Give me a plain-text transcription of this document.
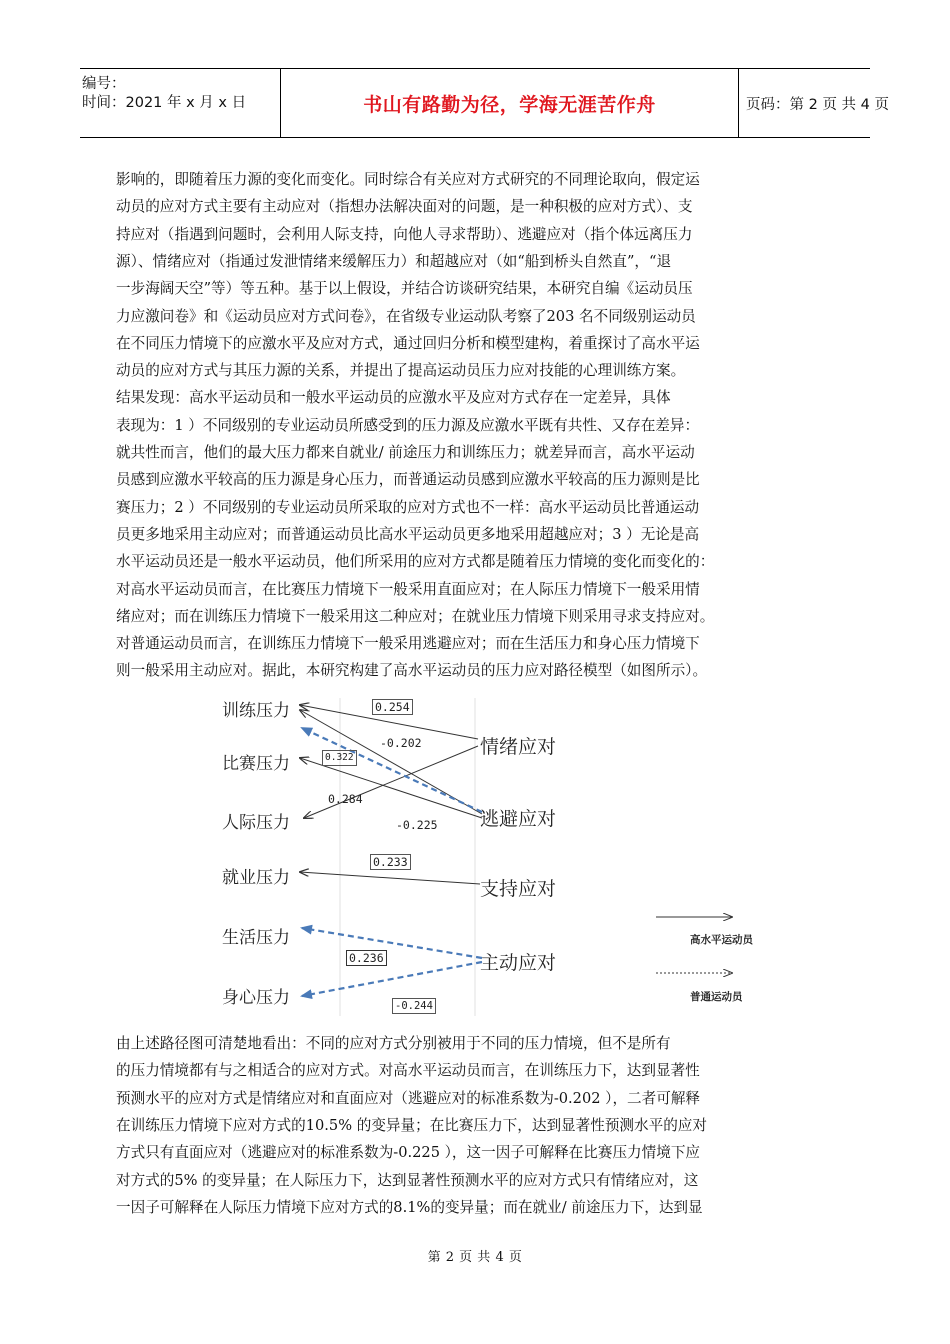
编号：
时间：2021 年 x 月 x 日	书山有路勤为径，学海无涯苦作舟	页码：第 2 页 共 4 页
影响的，即随着压力源的变化而变化。同时综合有关应对方式研究的不同理论取向，假定运
动员的应对方式主要有主动应对（指想办法解决面对的问题，是一种积极的应对方式）、支
持应对（指遇到问题时，会利用人际支持，向他人寻求帮助）、逃避应对（指个体远离压力
源）、情绪应对（指通过发泄情绪来缓解压力）和超越应对（如“船到桥头自然直”，“退
一步海阔天空”等）等五种。基于以上假设，并结合访谈研究结果，本研究自编《运动员压
力应激问卷》和《运动员应对方式问卷》，在省级专业运动队考察了203 名不同级别运动员
在不同压力情境下的应激水平及应对方式，通过回归分析和模型建构，着重探讨了高水平运
动员的应对方式与其压力源的关系，并提出了提高运动员压力应对技能的心理训练方案。
结果发现：高水平运动员和一般水平运动员的应激水平及应对方式存在一定差异，具体
表现为：1 ）不同级别的专业运动员所感受到的压力源及应激水平既有共性、又存在差异：
就共性而言，他们的最大压力都来自就业/ 前途压力和训练压力；就差异而言，高水平运动
员感到应激水平较高的压力源是身心压力，而普通运动员感到应激水平较高的压力源则是比
赛压力；2 ）不同级别的专业运动员所采取的应对方式也不一样：高水平运动员比普通运动
员更多地采用主动应对；而普通运动员比高水平运动员更多地采用超越应对；3 ）无论是高
水平运动员还是一般水平运动员，他们所采用的应对方式都是随着压力情境的变化而变化的：
对高水平运动员而言，在比赛压力情境下一般采用直面应对；在人际压力情境下一般采用情
绪应对；而在训练压力情境下一般采用这二种应对；在就业压力情境下则采用寻求支持应对。
对普通运动员而言，在训练压力情境下一般采用逃避应对；而在生活压力和身心压力情境下
则一般采用主动应对。据此，本研究构建了高水平运动员的压力应对路径模型（如图所示）。
训练压力
比赛压力
人际压力
就业压力
生活压力
身心压力
情绪应对
逃避应对
支持应对
主动应对
0.254
-0.202
0.322
0.284
-0.225
0.233
0.236
-0.244
高水平运动员
普通运动员
由上述路径图可清楚地看出：不同的应对方式分别被用于不同的压力情境，但不是所有
的压力情境都有与之相适合的应对方式。对高水平运动员而言，在训练压力下，达到显著性
预测水平的应对方式是情绪应对和直面应对（逃避应对的标准系数为-0.202 ），二者可解释
在训练压力情境下应对方式的10.5% 的变异量；在比赛压力下，达到显著性预测水平的应对
方式只有直面应对（逃避应对的标准系数为-0.225 ），这一因子可解释在比赛压力情境下应
对方式的5% 的变异量；在人际压力下，达到显著性预测水平的应对方式只有情绪应对，这
一因子可解释在人际压力情境下应对方式的8.1%的变异量；而在就业/ 前途压力下，达到显
第 2 页 共 4 页
